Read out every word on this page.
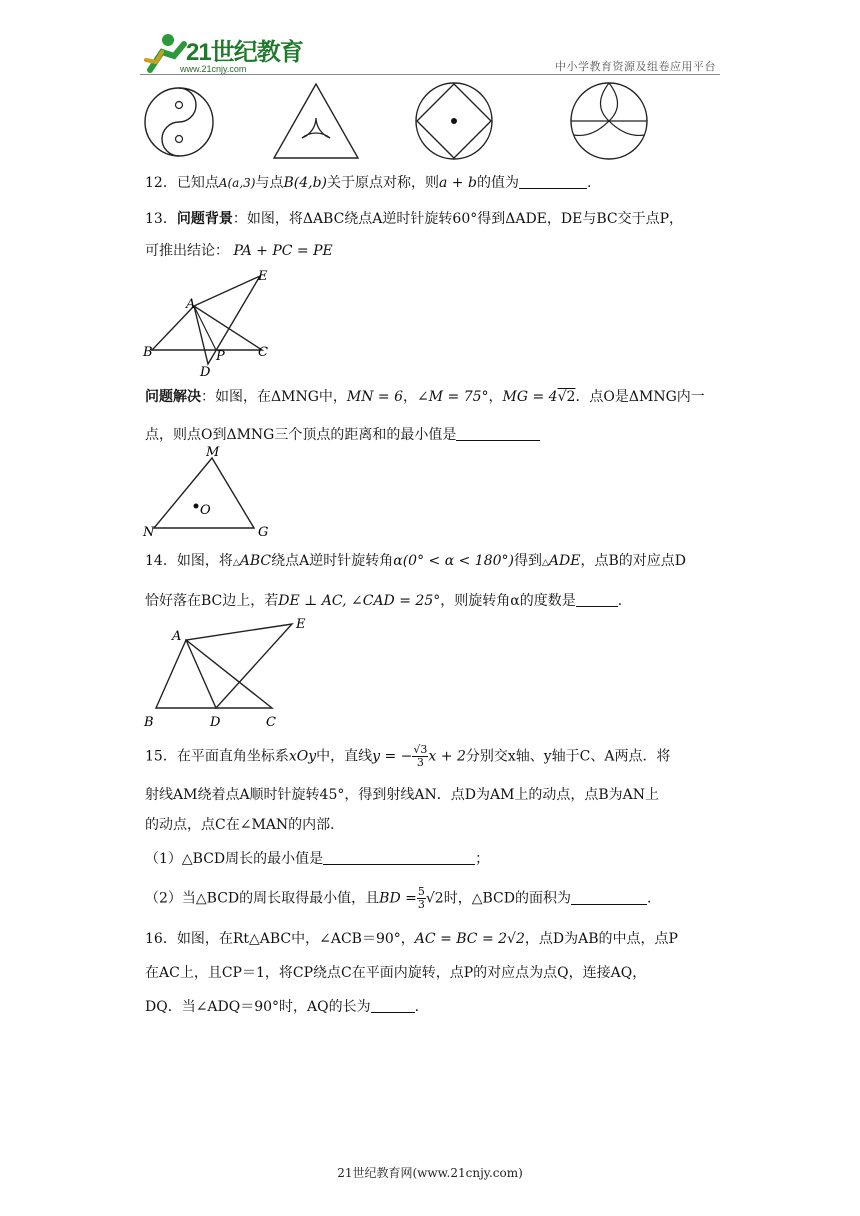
21世纪教育
www.21cnjy.com	中小学教育资源及组卷应用平台
12．已知点A(a,3)与点B(4,b)关于原点对称，则a + b的值为	.
13．问题背景：如图，将ΔABC绕点A逆时针旋转60°得到ΔADE，DE与BC交于点P，
可推出结论： PA + PC = PE
A
B	C
D
E
P
问题解决：如图，在ΔMNG中，MN = 6，∠M = 75°，MG = 4√2．点O是ΔMNG内一
点，则点O到ΔMNG三个顶点的距离和的最小值是
M
N	G
O
14．如图，将△ABC绕点A逆时针旋转角α(0° < α < 180°)得到△ADE，点B的对应点D
恰好落在BC边上，若DE ⊥ AC, ∠CAD = 25°，则旋转角α的度数是	.
A
E
B	D	C
15．在平面直角坐标系xOy中，直线y = − $\frac{√3}{3}$ x + 2分别交x轴、y轴于C、A两点．将
射线AM绕着点A顺时针旋转45°，得到射线AN．点D为AM上的动点，点B为AN上
的动点，点C在∠MAN的内部．
（1）△BCD周长的最小值是	；
（2）当△BCD的周长取得最小值，且BD = $\frac{5}{3} √2$时，△BCD的面积为	.
16．如图，在Rt△ABC中，∠ACB＝90°，AC = BC = 2√2，点D为AB的中点，点P
在AC上，且CP＝1，将CP绕点C在平面内旋转，点P的对应点为点Q，连接AQ，
DQ．当∠ADQ＝90°时，AQ的长为	.
21世纪教育网(www.21cnjy.com)
